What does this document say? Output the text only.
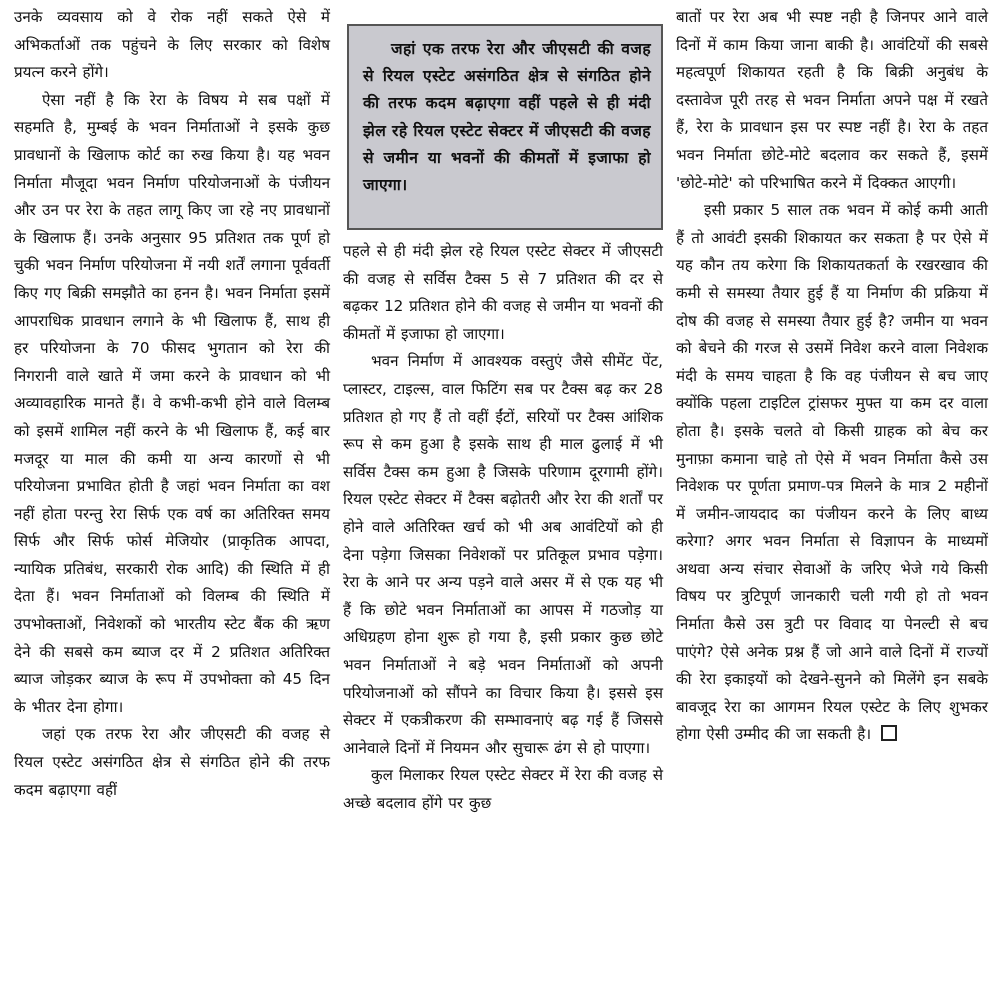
उनके व्यवसाय को वे रोक नहीं सकते ऐसे में अभिकर्ताओं तक पहुंचने के लिए सरकार को विशेष प्रयत्न करने होंगे।

ऐसा नहीं है कि रेरा के विषय मे सब पक्षों में सहमति है, मुम्बई के भवन निर्माताओं ने इसके कुछ प्रावधानों के खिलाफ कोर्ट का रुख किया है। यह भवन निर्माता मौजूदा भवन निर्माण परियोजनाओं के पंजीयन और उन पर रेरा के तहत लागू किए जा रहे नए प्रावधानों के खिलाफ हैं। उनके अनुसार 95 प्रतिशत तक पूर्ण हो चुकी भवन निर्माण परियोजना में नयी शर्तें लगाना पूर्ववर्ती किए गए बिक्री समझौते का हनन है। भवन निर्माता इसमें आपराधिक प्रावधान लगाने के भी खिलाफ हैं, साथ ही हर परियोजना के 70 फीसद भुगतान को रेरा की निगरानी वाले खाते में जमा करने के प्रावधान को भी अव्यावहारिक मानते हैं। वे कभी-कभी होने वाले विलम्ब को इसमें शामिल नहीं करने के भी खिलाफ हैं, कई बार मजदूर या माल की कमी या अन्य कारणों से भी परियोजना प्रभावित होती है जहां भवन निर्माता का वश नहीं होता परन्तु रेरा सिर्फ एक वर्ष का अतिरिक्त समय सिर्फ और सिर्फ फोर्स मेजियोर (प्राकृतिक आपदा, न्यायिक प्रतिबंध, सरकारी रोक आदि) की स्थिति में ही देता हैं। भवन निर्माताओं को विलम्ब की स्थिति में उपभोक्ताओं, निवेशकों को भारतीय स्टेट बैंक की ऋण देने की सबसे कम ब्याज दर में 2 प्रतिशत अतिरिक्त ब्याज जोड़कर ब्याज के रूप में उपभोक्ता को 45 दिन के भीतर देना होगा।

जहां एक तरफ रेरा और जीएसटी की वजह से रियल एस्टेट असंगठित क्षेत्र से संगठित होने की तरफ कदम बढ़ाएगा वहीं

जहां एक तरफ रेरा और जीएसटी की वजह से रियल एस्टेट असंगठित क्षेत्र से संगठित होने की तरफ कदम बढ़ाएगा वहीं पहले से ही मंदी झेल रहे रियल एस्टेट सेक्टर में जीएसटी की वजह से जमीन या भवनों की कीमतों में इजाफा हो जाएगा।

पहले से ही मंदी झेल रहे रियल एस्टेट सेक्टर में जीएसटी की वजह से सर्विस टैक्स 5 से 7 प्रतिशत की दर से बढ़कर 12 प्रतिशत होने की वजह से जमीन या भवनों की कीमतों में इजाफा हो जाएगा।

भवन निर्माण में आवश्यक वस्तुएं जैसे सीमेंट पेंट, प्लास्टर, टाइल्स, वाल फिटिंग सब पर टैक्स बढ़ कर 28 प्रतिशत हो गए हैं तो वहीं ईंटों, सरियों पर टैक्स आंशिक रूप से कम हुआ है इसके साथ ही माल ढुलाई में भी सर्विस टैक्स कम हुआ है जिसके परिणाम दूरगामी होंगे। रियल एस्टेट सेक्टर में टैक्स बढ़ोतरी और रेरा की शर्तों पर होने वाले अतिरिक्त खर्च को भी अब आवंटियों को ही देना पड़ेगा जिसका निवेशकों पर प्रतिकूल प्रभाव पड़ेगा। रेरा के आने पर अन्य पड़ने वाले असर में से एक यह भी हैं कि छोटे भवन निर्माताओं का आपस में गठजोड़ या अधिग्रहण होना शुरू हो गया है, इसी प्रकार कुछ छोटे भवन निर्माताओं ने बड़े भवन निर्माताओं को अपनी परियोजनाओं को सौंपने का विचार किया है। इससे इस सेक्टर में एकत्रीकरण की सम्भावनाएं बढ़ गई हैं जिससे आनेवाले दिनों में नियमन और सुचारू ढंग से हो पाएगा।

कुल मिलाकर रियल एस्टेट सेक्टर में रेरा की वजह से अच्छे बदलाव होंगे पर कुछ

बातों पर रेरा अब भी स्पष्ट नही है जिनपर आने वाले दिनों में काम किया जाना बाकी है। आवंटियों की सबसे महत्वपूर्ण शिकायत रहती है कि बिक्री अनुबंध के दस्तावेज पूरी तरह से भवन निर्माता अपने पक्ष में रखते हैं, रेरा के प्रावधान इस पर स्पष्ट नहीं है। रेरा के तहत भवन निर्माता छोटे-मोटे बदलाव कर सकते हैं, इसमें 'छोटे-मोटे' को परिभाषित करने में दिक्कत आएगी।

इसी प्रकार 5 साल तक भवन में कोई कमी आती हैं तो आवंटी इसकी शिकायत कर सकता है पर ऐसे में यह कौन तय करेगा कि शिकायतकर्ता के रखरखाव की कमी से समस्या तैयार हुई हैं या निर्माण की प्रक्रिया में दोष की वजह से समस्या तैयार हुई है? जमीन या भवन को बेचने की गरज से उसमें निवेश करने वाला निवेशक मंदी के समय चाहता है कि वह पंजीयन से बच जाए क्योंकि पहला टाइटिल ट्रांसफर मुफ्त या कम दर वाला होता है। इसके चलते वो किसी ग्राहक को बेच कर मुनाफ़ा कमाना चाहे तो ऐसे में भवन निर्माता कैसे उस निवेशक पर पूर्णता प्रमाण-पत्र मिलने के मात्र 2 महीनों में जमीन-जायदाद का पंजीयन करने के लिए बाध्य करेगा? अगर भवन निर्माता से विज्ञापन के माध्यमों अथवा अन्य संचार सेवाओं के जरिए भेजे गये किसी विषय पर त्रुटिपूर्ण जानकारी चली गयी हो तो भवन निर्माता कैसे उस त्रुटी पर विवाद या पेनल्टी से बच पाएंगे? ऐसे अनेक प्रश्न हैं जो आने वाले दिनों में राज्यों की रेरा इकाइयों को देखने-सुनने को मिलेंगे इन सबके बावजूद रेरा का आगमन रियल एस्टेट के लिए शुभकर होगा ऐसी उम्मीद की जा सकती है।
